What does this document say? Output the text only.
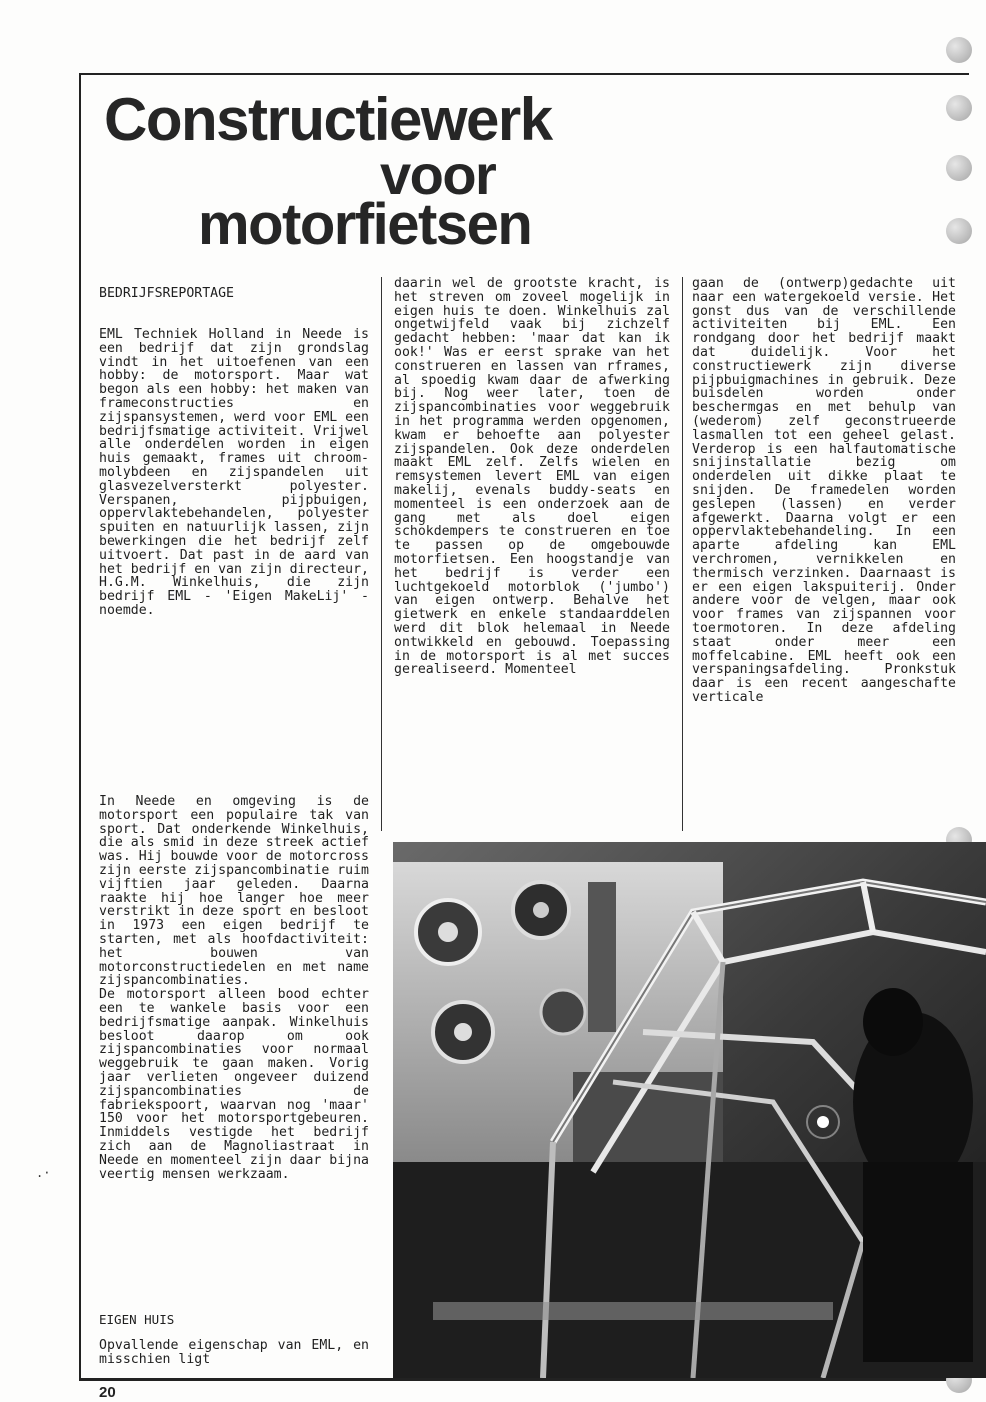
Constructiewerk
voor
motorfietsen
BEDRIJFSREPORTAGE

EML Techniek Holland in Neede is een bedrijf dat zijn grondslag vindt in het uitoefenen van een hobby: de motorsport. Maar wat begon als een hobby: het maken van frameconstructies en zijspansystemen, werd voor EML een bedrijfsmatige activiteit. Vrijwel alle onderdelen worden in eigen huis gemaakt, frames uit chroom-molybdeen en zijspandelen uit glasvezelversterkt polyester. Verspanen, pijpbuigen, oppervlaktebehandelen, polyester spuiten en natuurlijk lassen, zijn bewerkingen die het bedrijf zelf uitvoert. Dat past in de aard van het bedrijf en van zijn directeur, H.G.M. Winkelhuis, die zijn bedrijf EML - 'Eigen MakeLij' - noemde.

In Neede en omgeving is de motorsport een populaire tak van sport. Dat onderkende Winkelhuis, die als smid in deze streek actief was. Hij bouwde voor de motorcross zijn eerste zijspancombinatie ruim vijftien jaar geleden. Daarna raakte hij hoe langer hoe meer verstrikt in deze sport en besloot in 1973 een eigen bedrijf te starten, met als hoofdactiviteit: het bouwen van motorconstructiedelen en met name zijspancombinaties.

De motorsport alleen bood echter een te wankele basis voor een bedrijfsmatige aanpak. Winkelhuis besloot daarop om ook zijspancombinaties voor normaal weggebruik te gaan maken. Vorig jaar verlieten ongeveer duizend zijspancombinaties de fabriekspoort, waarvan nog 'maar' 150 voor het motorsportgebeuren. Inmiddels vestigde het bedrijf zich aan de Magnoliastraat in Neede en momenteel zijn daar bijna veertig mensen werkzaam.

EIGEN HUIS

Opvallende eigenschap van EML, en misschien ligt

daarin wel de grootste kracht, is het streven om zoveel mogelijk in eigen huis te doen. Winkelhuis zal ongetwijfeld vaak bij zichzelf gedacht hebben: 'maar dat kan ik ook!' Was er eerst sprake van het construeren en lassen van rframes, al spoedig kwam daar de afwerking bij. Nog weer later, toen de zijspancombinaties voor weggebruik in het programma werden opgenomen, kwam er behoefte aan polyester zijspandelen. Ook deze onderdelen maakt EML zelf. Zelfs wielen en remsystemen levert EML van eigen makelij, evenals buddy-seats en momenteel is een onderzoek aan de gang met als doel eigen schokdempers te construeren en toe te passen op de omgebouwde motorfietsen. Een hoogstandje van het bedrijf is verder een luchtgekoeld motorblok ('jumbo') van eigen ontwerp. Behalve het gietwerk en enkele standaarddelen werd dit blok helemaal in Neede ontwikkeld en gebouwd. Toepassing in de motorsport is al met succes gerealiseerd. Momenteel

gaan de (ontwerp)gedachte uit naar een watergekoeld versie. Het gonst dus van de verschillende activiteiten bij EML. Een rondgang door het bedrijf maakt dat duidelijk. Voor het constructiewerk zijn diverse pijpbuigmachines in gebruik. Deze buisdelen worden onder beschermgas en met behulp van (wederom) zelf geconstrueerde lasmallen tot een geheel gelast. Verderop is een halfautomatische snijinstallatie bezig om onderdelen uit dikke plaat te snijden. De framedelen worden geslepen (lassen) en verder afgewerkt. Daarna volgt er een oppervlaktebehandeling. In een aparte afdeling kan EML verchromen, vernikkelen en thermisch verzinken. Daarnaast is er een eigen lakspuiterij. Onder andere voor de velgen, maar ook voor frames van zijspannen voor toermotoren. In deze afdeling staat onder meer een moffelcabine. EML heeft ook een verspaningsafdeling. Pronkstuk daar is een recent aangeschafte verticale

20
.·
